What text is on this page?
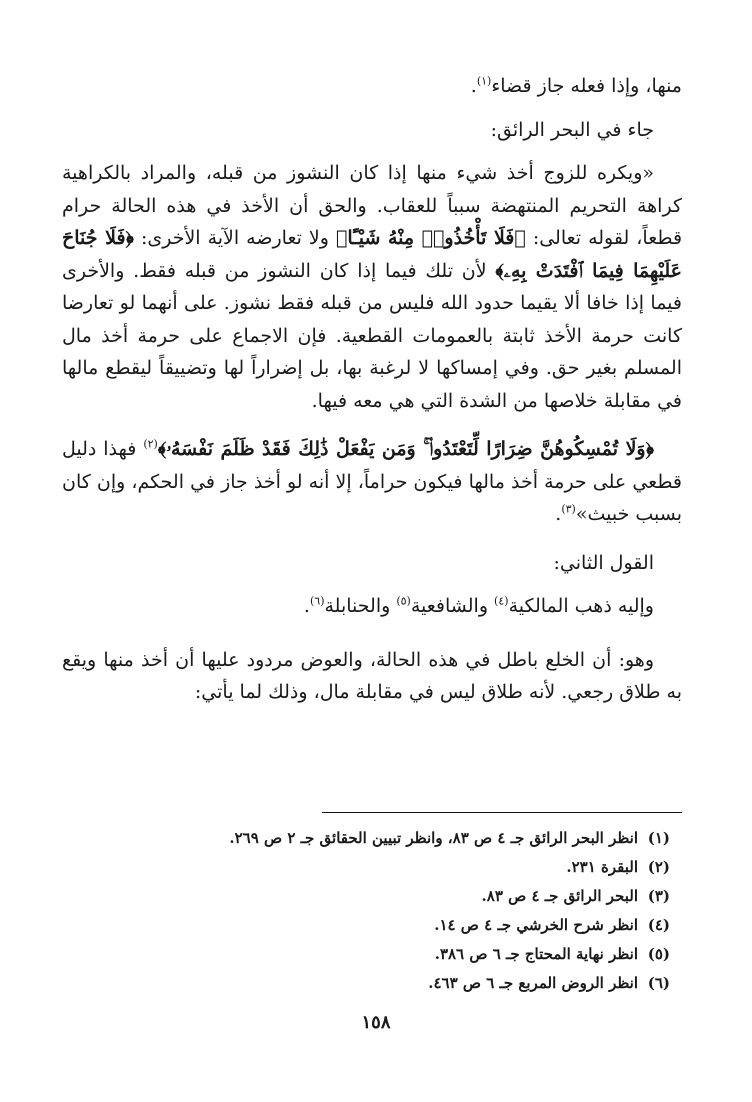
منها، وإذا فعله جاز قضاء$^{(١)}$.

جاء في البحر الرائق:

«ويكره للزوج أخذ شيء منها إذا كان النشوز من قبله، والمراد بالكراهية كراهة التحريم المنتهضة سبباً للعقاب. والحق أن الأخذ في هذه الحالة حرام قطعاً، لقوله تعالى: ﴿فَلَا تَأْخُذُوا۟ مِنْهُ شَيْـًٔا﴾ ولا تعارضه الآية الأخرى: ﴿فَلَا جُنَاحَ عَلَيْهِمَا فِيمَا ٱفْتَدَتْ بِهِۦ﴾ لأن تلك فيما إذا كان النشوز من قبله فقط. والأخرى فيما إذا خافا ألا يقيما حدود الله فليس من قبله فقط نشوز. على أنهما لو تعارضا كانت حرمة الأخذ ثابتة بالعمومات القطعية. فإن الاجماع على حرمة أخذ مال المسلم بغير حق. وفي إمساكها لا لرغبة بها، بل إضراراً لها وتضييقاً ليقطع مالها في مقابلة خلاصها من الشدة التي هي معه فيها.

﴿وَلَا تُمْسِكُوهُنَّ ضِرَارًا لِّتَعْتَدُوا۟ ۚ وَمَن يَفْعَلْ ذَٰلِكَ فَقَدْ ظَلَمَ نَفْسَهُۥ﴾$^{(٢)}$ فهذا دليل قطعي على حرمة أخذ مالها فيكون حراماً، إلا أنه لو أخذ جاز في الحكم، وإن كان بسبب خبيث»$^{(٣)}$.

القول الثاني:

وإليه ذهب المالكية$^{(٤)}$ والشافعية$^{(٥)}$ والحنابلة$^{(٦)}$.

وهو: أن الخلع باطل في هذه الحالة، والعوض مردود عليها أن أخذ منها ويقع به طلاق رجعي. لأنه طلاق ليس في مقابلة مال، وذلك لما يأتي:

(١)
انظر البحر الرائق جـ ٤ ص ٨٣، وانظر تبيين الحقائق جـ ٢ ص ٢٦٩.
(٢)
البقرة ٢٣١.
(٣)
البحر الرائق جـ ٤ ص ٨٣.
(٤)
انظر شرح الخرشي جـ ٤ ص ١٤.
(٥)
انظر نهاية المحتاج جـ ٦ ص ٣٨٦.
(٦)
انظر الروض المربع جـ ٦ ص ٤٦٣.
١٥٨
